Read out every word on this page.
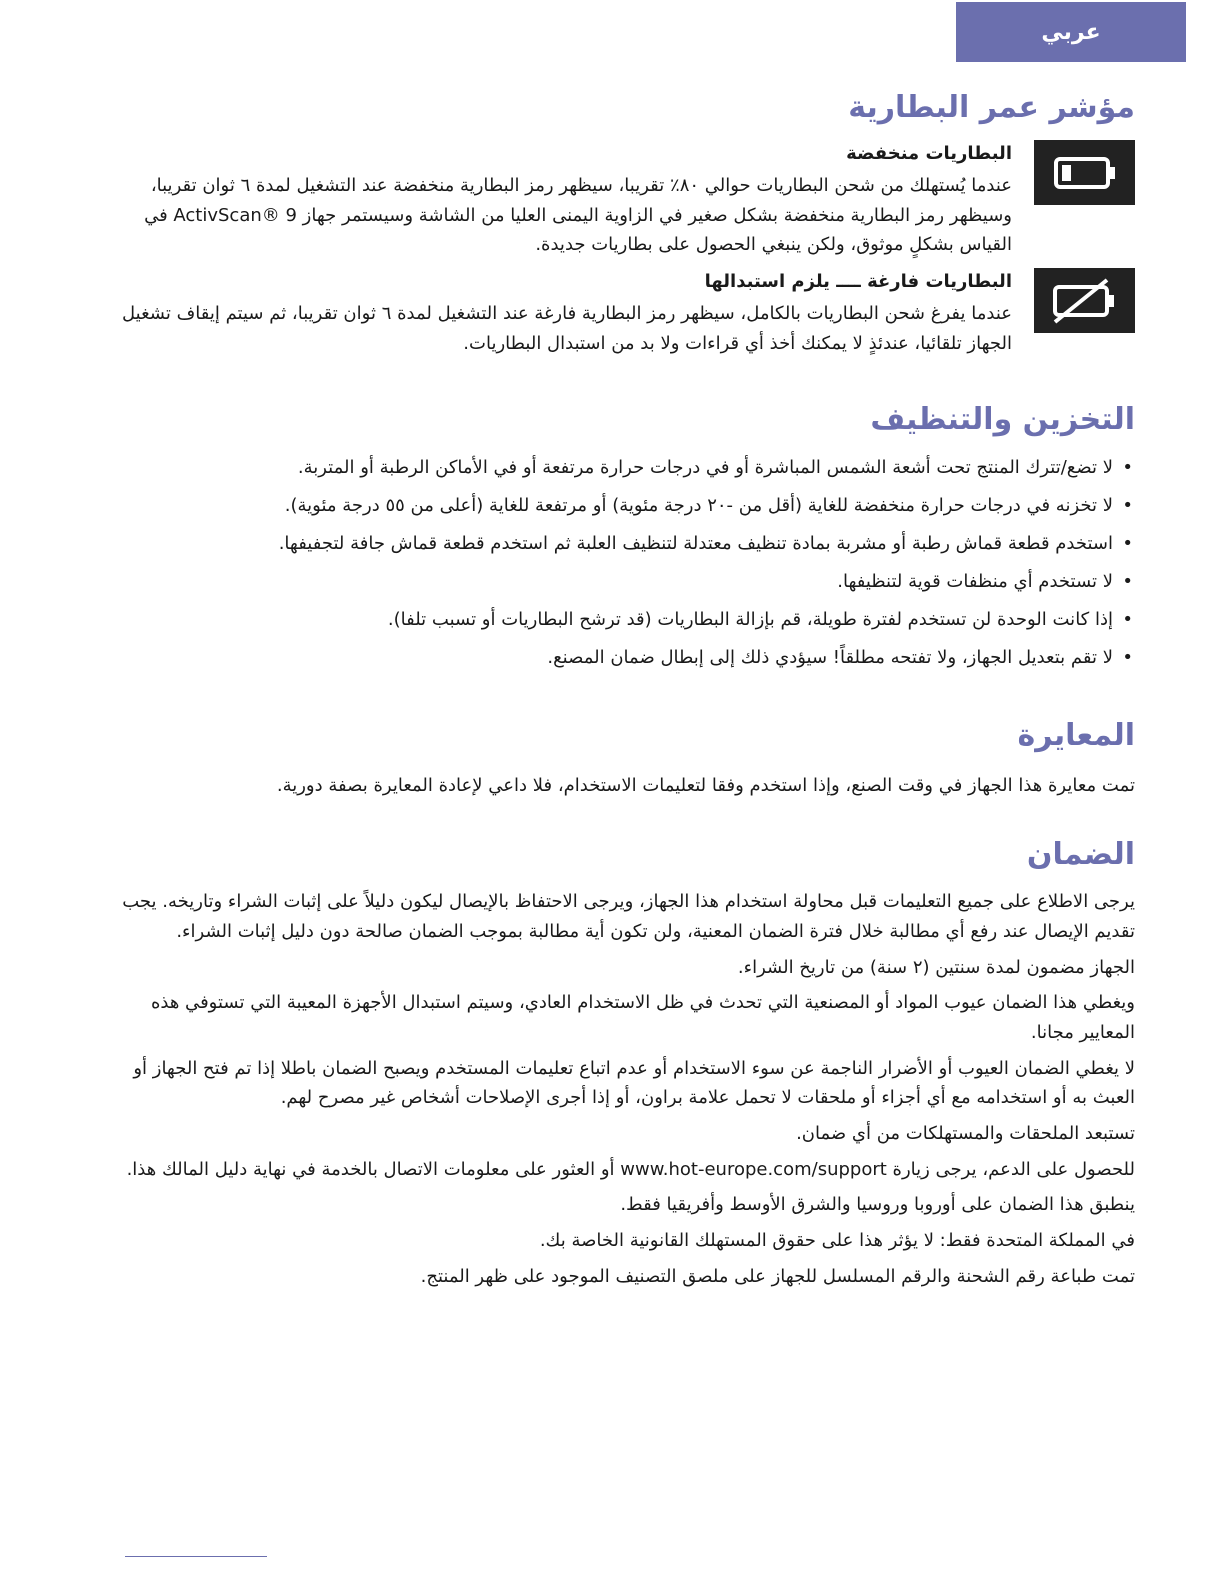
عربي
مؤشر عمر البطارية
البطاريات منخفضة

عندما يُستهلك من شحن البطاريات حوالي ٨٠٪ تقريبا، سيظهر رمز البطارية منخفضة عند التشغيل لمدة ٦ ثوان تقريبا، وسيظهر رمز البطارية منخفضة بشكل صغير في الزاوية اليمنى العليا من الشاشة وسيستمر جهاز ActivScan® 9 في القياس بشكلٍ موثوق، ولكن ينبغي الحصول على بطاريات جديدة.

البطاريات فارغة ــــ يلزم استبدالها

عندما يفرغ شحن البطاريات بالكامل، سيظهر رمز البطارية فارغة عند التشغيل لمدة ٦ ثوان تقريبا، ثم سيتم إيقاف تشغيل الجهاز تلقائيا، عندئذٍ لا يمكنك أخذ أي قراءات ولا بد من استبدال البطاريات.

التخزين والتنظيف
• لا تضع/تترك المنتج تحت أشعة الشمس المباشرة أو في درجات حرارة مرتفعة أو في الأماكن الرطبة أو المتربة.
• لا تخزنه في درجات حرارة منخفضة للغاية (أقل من -٢٠ درجة مئوية) أو مرتفعة للغاية (أعلى من ٥٥ درجة مئوية).
• استخدم قطعة قماش رطبة أو مشربة بمادة تنظيف معتدلة لتنظيف العلبة ثم استخدم قطعة قماش جافة لتجفيفها.
• لا تستخدم أي منظفات قوية لتنظيفها.
• إذا كانت الوحدة لن تستخدم لفترة طويلة، قم بإزالة البطاريات (قد ترشح البطاريات أو تسبب تلفا).
• لا تقم بتعديل الجهاز، ولا تفتحه مطلقاً! سيؤدي ذلك إلى إبطال ضمان المصنع.
المعايرة

تمت معايرة هذا الجهاز في وقت الصنع، وإذا استخدم وفقا لتعليمات الاستخدام، فلا داعي لإعادة المعايرة بصفة دورية.

الضمان

يرجى الاطلاع على جميع التعليمات قبل محاولة استخدام هذا الجهاز، ويرجى الاحتفاظ بالإيصال ليكون دليلاً على إثبات الشراء وتاريخه. يجب تقديم الإيصال عند رفع أي مطالبة خلال فترة الضمان المعنية، ولن تكون أية مطالبة بموجب الضمان صالحة دون دليل إثبات الشراء.

الجهاز مضمون لمدة سنتين (٢ سنة) من تاريخ الشراء.

ويغطي هذا الضمان عيوب المواد أو المصنعية التي تحدث في ظل الاستخدام العادي، وسيتم استبدال الأجهزة المعيبة التي تستوفي هذه المعايير مجانا.

لا يغطي الضمان العيوب أو الأضرار الناجمة عن سوء الاستخدام أو عدم اتباع تعليمات المستخدم ويصبح الضمان باطلا إذا تم فتح الجهاز أو العبث به أو استخدامه مع أي أجزاء أو ملحقات لا تحمل علامة براون، أو إذا أجرى الإصلاحات أشخاص غير مصرح لهم.

تستبعد الملحقات والمستهلكات من أي ضمان.

للحصول على الدعم، يرجى زيارة www.hot-europe.com/support أو العثور على معلومات الاتصال بالخدمة في نهاية دليل المالك هذا.

ينطبق هذا الضمان على أوروبا وروسيا والشرق الأوسط وأفريقيا فقط.

في المملكة المتحدة فقط: لا يؤثر هذا على حقوق المستهلك القانونية الخاصة بك.

تمت طباعة رقم الشحنة والرقم المسلسل للجهاز على ملصق التصنيف الموجود على ظهر المنتج.
